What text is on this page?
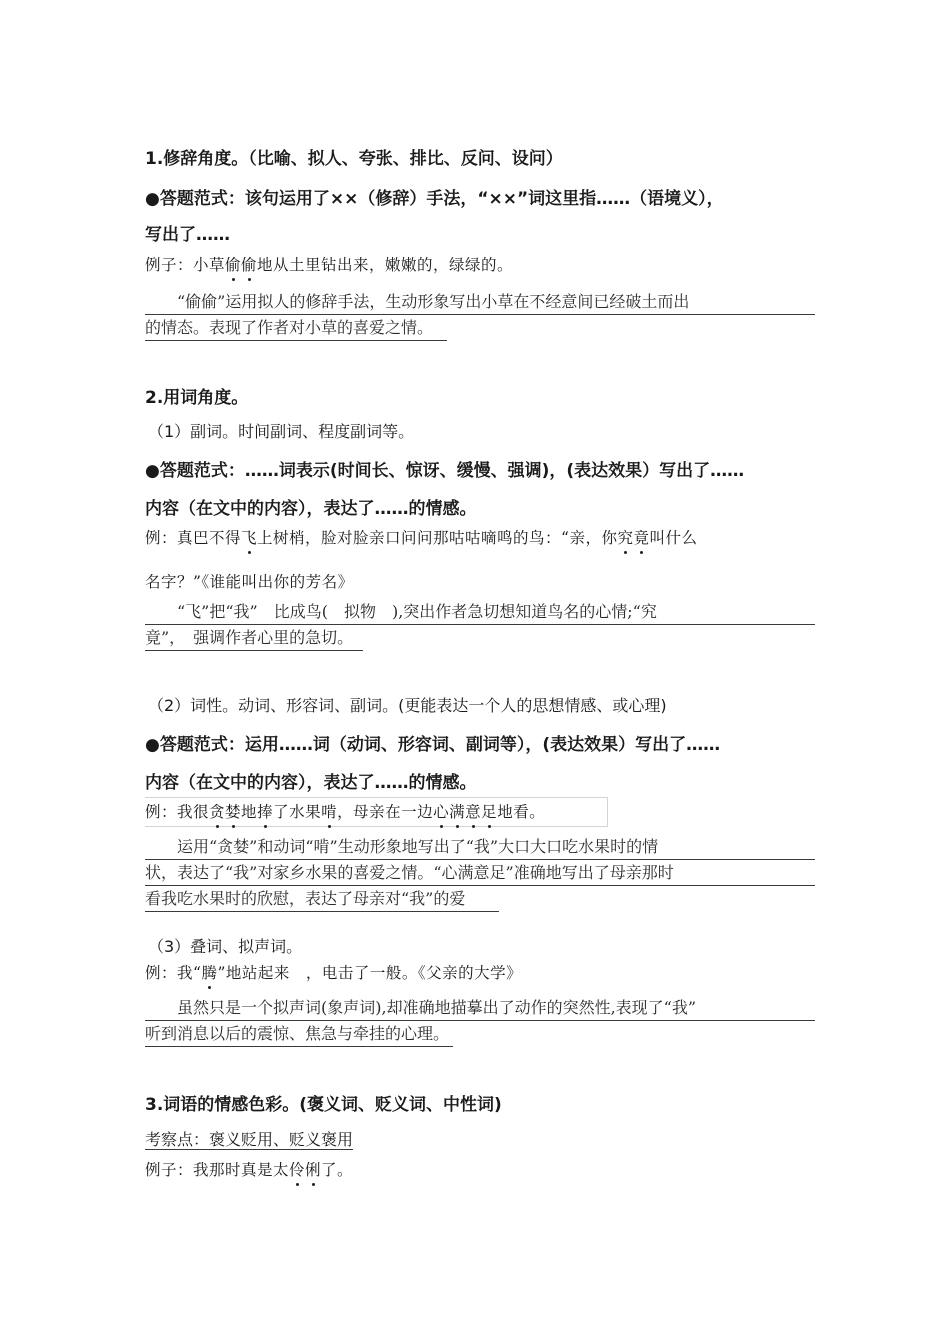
1.修辞角度。（比喻、拟人、夸张、排比、反问、设问）
●答题范式：该句运用了××（修辞）手法，“××”词这里指……（语境义），
写出了……
例子：小草偷偷地从土里钻出来，嫩嫩的，绿绿的。
　　“偷偷”运用拟人的修辞手法，生动形象写出小草在不经意间已经破土而出
的情态。表现了作者对小草的喜爱之情。
2.用词角度。
（1）副词。时间副词、程度副词等。
●答题范式：……词表示(时间长、惊讶、缓慢、强调)，(表达效果）写出了……
内容（在文中的内容），表达了……的情感。
例：真巴不得飞上树梢，脸对脸亲口问问那咕咕嘀鸣的鸟：“亲，你究竟叫什么
名字？”《谁能叫出你的芳名》
　　“飞”把“我”　比成鸟(　拟物　),突出作者急切想知道鸟名的心情;“究
竟”，　强调作者心里的急切。
（2）词性。动词、形容词、副词。(更能表达一个人的思想情感、或心理)
●答题范式：运用……词（动词、形容词、副词等），(表达效果）写出了……
内容（在文中的内容），表达了……的情感。
例：我很贪婪地捧了水果啃，母亲在一边心满意足地看。
　　运用“贪婪”和动词“啃”生动形象地写出了“我”大口大口吃水果时的情
状，表达了“我”对家乡水果的喜爱之情。“心满意足”准确地写出了母亲那时
看我吃水果时的欣慰，表达了母亲对“我”的爱　
（3）叠词、拟声词。
例：我“腾”地站起来　，电击了一般。《父亲的大学》
　　虽然只是一个拟声词(象声词),却准确地描摹出了动作的突然性,表现了“我”
听到消息以后的震惊、焦急与牵挂的心理。
3.词语的情感色彩。(褒义词、贬义词、中性词)
考察点：褒义贬用、贬义褒用
例子：我那时真是太伶俐了。
